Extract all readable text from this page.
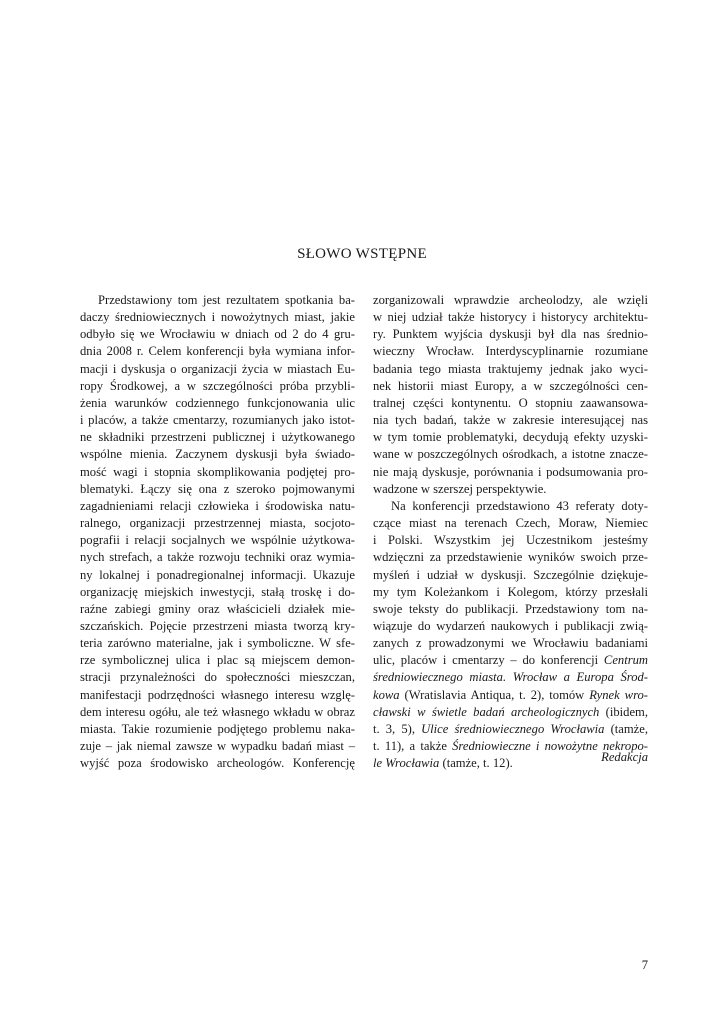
SŁOWO WSTĘPNE
Przedstawiony tom jest rezultatem spotkania ba-
daczy średniowiecznych i nowożytnych miast, jakie
odbyło się we Wrocławiu w dniach od 2 do 4 gru-
dnia 2008 r. Celem konferencji była wymiana infor-
macji i dyskusja o organizacji życia w miastach Eu-
ropy Środkowej, a w szczególności próba przybli-
żenia warunków codziennego funkcjonowania ulic
i placów, a także cmentarzy, rozumianych jako istot-
ne składniki przestrzeni publicznej i użytkowanego
wspólne mienia. Zaczynem dyskusji była świado-
mość wagi i stopnia skomplikowania podjętej pro-
blematyki. Łączy się ona z szeroko pojmowanymi
zagadnieniami relacji człowieka i środowiska natu-
ralnego, organizacji przestrzennej miasta, socjoto-
pografii i relacji socjalnych we wspólnie użytkowa-
nych strefach, a także rozwoju techniki oraz wymia-
ny lokalnej i ponadregionalnej informacji. Ukazuje
organizację miejskich inwestycji, stałą troskę i do-
raźne zabiegi gminy oraz właścicieli działek mie-
szczańskich. Pojęcie przestrzeni miasta tworzą kry-
teria zarówno materialne, jak i symboliczne. W sfe-
rze symbolicznej ulica i plac są miejscem demon-
stracji przynależności do społeczności mieszczan,
manifestacji podrzędności własnego interesu wzglę-
dem interesu ogółu, ale też własnego wkładu w obraz
miasta. Takie rozumienie podjętego problemu naka-
zuje – jak niemal zawsze w wypadku badań miast –
wyjść poza środowisko archeologów. Konferencję
zorganizowali wprawdzie archeolodzy, ale wzięli
w niej udział także historycy i historycy architektu-
ry. Punktem wyjścia dyskusji był dla nas średnio-
wieczny Wrocław. Interdyscyplinarnie rozumiane
badania tego miasta traktujemy jednak jako wyci-
nek historii miast Europy, a w szczególności cen-
tralnej części kontynentu. O stopniu zaawansowa-
nia tych badań, także w zakresie interesującej nas
w tym tomie problematyki, decydują efekty uzyski-
wane w poszczególnych ośrodkach, a istotne znacze-
nie mają dyskusje, porównania i podsumowania pro-
wadzone w szerszej perspektywie.
Na konferencji przedstawiono 43 referaty doty-
czące miast na terenach Czech, Moraw, Niemiec
i Polski. Wszystkim jej Uczestnikom jesteśmy
wdzięczni za przedstawienie wyników swoich prze-
myśleń i udział w dyskusji. Szczególnie dziękuje-
my tym Koleżankom i Kolegom, którzy przesłali
swoje teksty do publikacji. Przedstawiony tom na-
wiązuje do wydarzeń naukowych i publikacji zwią-
zanych z prowadzonymi we Wrocławiu badaniami
ulic, placów i cmentarzy – do konferencji Centrum
średniowiecznego miasta. Wrocław a Europa Środ-
kowa (Wratislavia Antiqua, t. 2), tomów Rynek wro-
cławski w świetle badań archeologicznych (ibidem,
t. 3, 5), Ulice średniowiecznego Wrocławia (tamże,
t. 11), a także Średniowieczne i nowożytne nekropo-
le Wrocławia (tamże, t. 12).	Redakcja
7
